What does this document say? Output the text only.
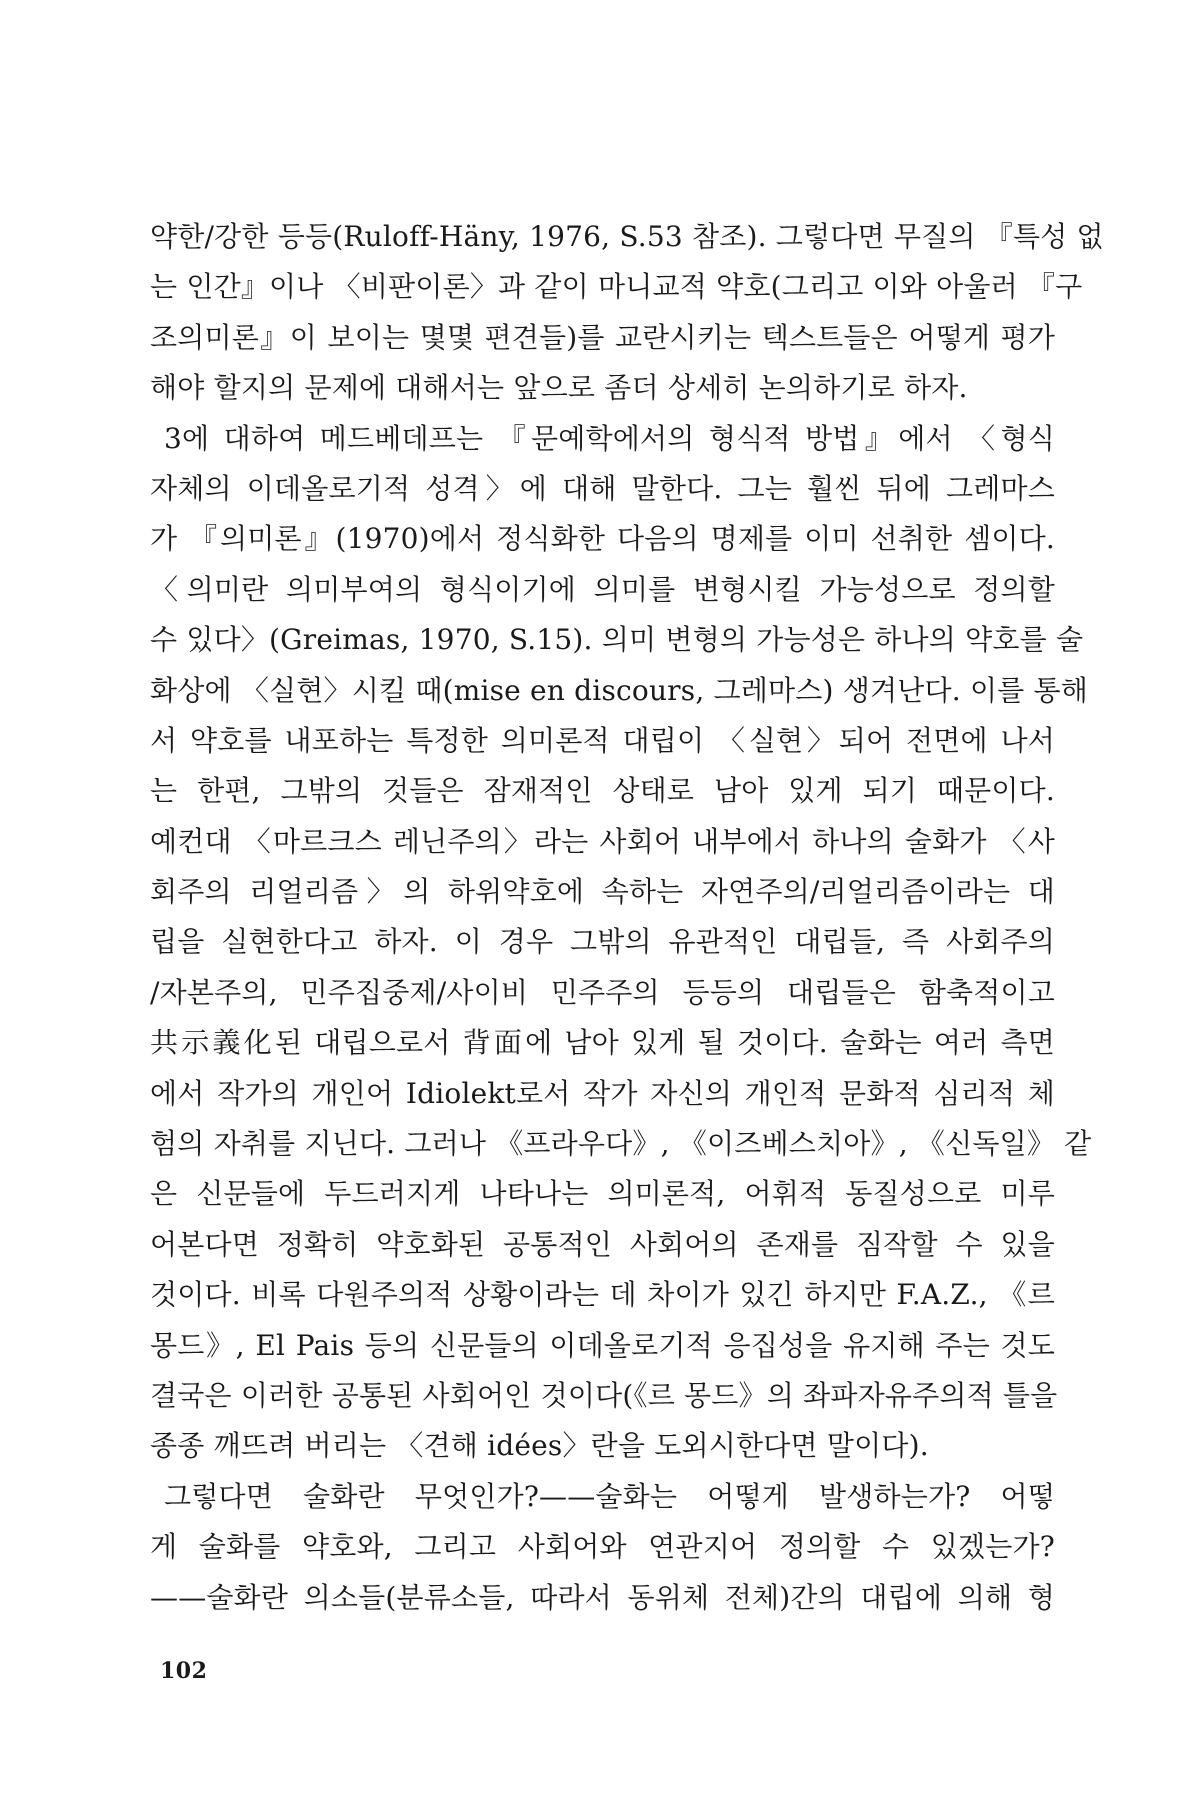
약한/강한 등등(Ruloff-Häny, 1976, S.53 참조). 그렇다면 무질의 『특성 없
는 인간』이나 〈비판이론〉과 같이 마니교적 약호(그리고 이와 아울러 『구
조의미론』이 보이는 몇몇 편견들)를 교란시키는 텍스트들은 어떻게 평가
해야 할지의 문제에 대해서는 앞으로 좀더 상세히 논의하기로 하자.
3에 대하여 메드베데프는 『문예학에서의 형식적 방법』에서 〈형식
자체의 이데올로기적 성격〉에 대해 말한다. 그는 훨씬 뒤에 그레마스
가 『의미론』(1970)에서 정식화한 다음의 명제를 이미 선취한 셈이다.
〈의미란 의미부여의 형식이기에 의미를 변형시킬 가능성으로 정의할
수 있다〉(Greimas, 1970, S.15). 의미 변형의 가능성은 하나의 약호를 술
화상에 〈실현〉시킬 때(mise en discours, 그레마스) 생겨난다. 이를 통해
서 약호를 내포하는 특정한 의미론적 대립이 〈실현〉되어 전면에 나서
는 한편, 그밖의 것들은 잠재적인 상태로 남아 있게 되기 때문이다.
예컨대 〈마르크스 레닌주의〉라는 사회어 내부에서 하나의 술화가 〈사
회주의 리얼리즘〉의 하위약호에 속하는 자연주의/리얼리즘이라는 대
립을 실현한다고 하자. 이 경우 그밖의 유관적인 대립들, 즉 사회주의
/자본주의, 민주집중제/사이비 민주주의 등등의 대립들은 함축적이고
共示義化된 대립으로서 背面에 남아 있게 될 것이다. 술화는 여러 측면
에서 작가의 개인어 Idiolekt로서 작가 자신의 개인적 문화적 심리적 체
험의 자취를 지닌다. 그러나 《프라우다》, 《이즈베스치아》, 《신독일》 같
은 신문들에 두드러지게 나타나는 의미론적, 어휘적 동질성으로 미루
어본다면 정확히 약호화된 공통적인 사회어의 존재를 짐작할 수 있을
것이다. 비록 다원주의적 상황이라는 데 차이가 있긴 하지만 F.A.Z., 《르
몽드》, El Pais 등의 신문들의 이데올로기적 응집성을 유지해 주는 것도
결국은 이러한 공통된 사회어인 것이다(《르 몽드》의 좌파자유주의적 틀을
종종 깨뜨려 버리는 〈견해 idées〉란을 도외시한다면 말이다).
그렇다면 술화란 무엇인가?——술화는 어떻게 발생하는가? 어떻
게 술화를 약호와, 그리고 사회어와 연관지어 정의할 수 있겠는가?
——술화란 의소들(분류소들, 따라서 동위체 전체)간의 대립에 의해 형
102
